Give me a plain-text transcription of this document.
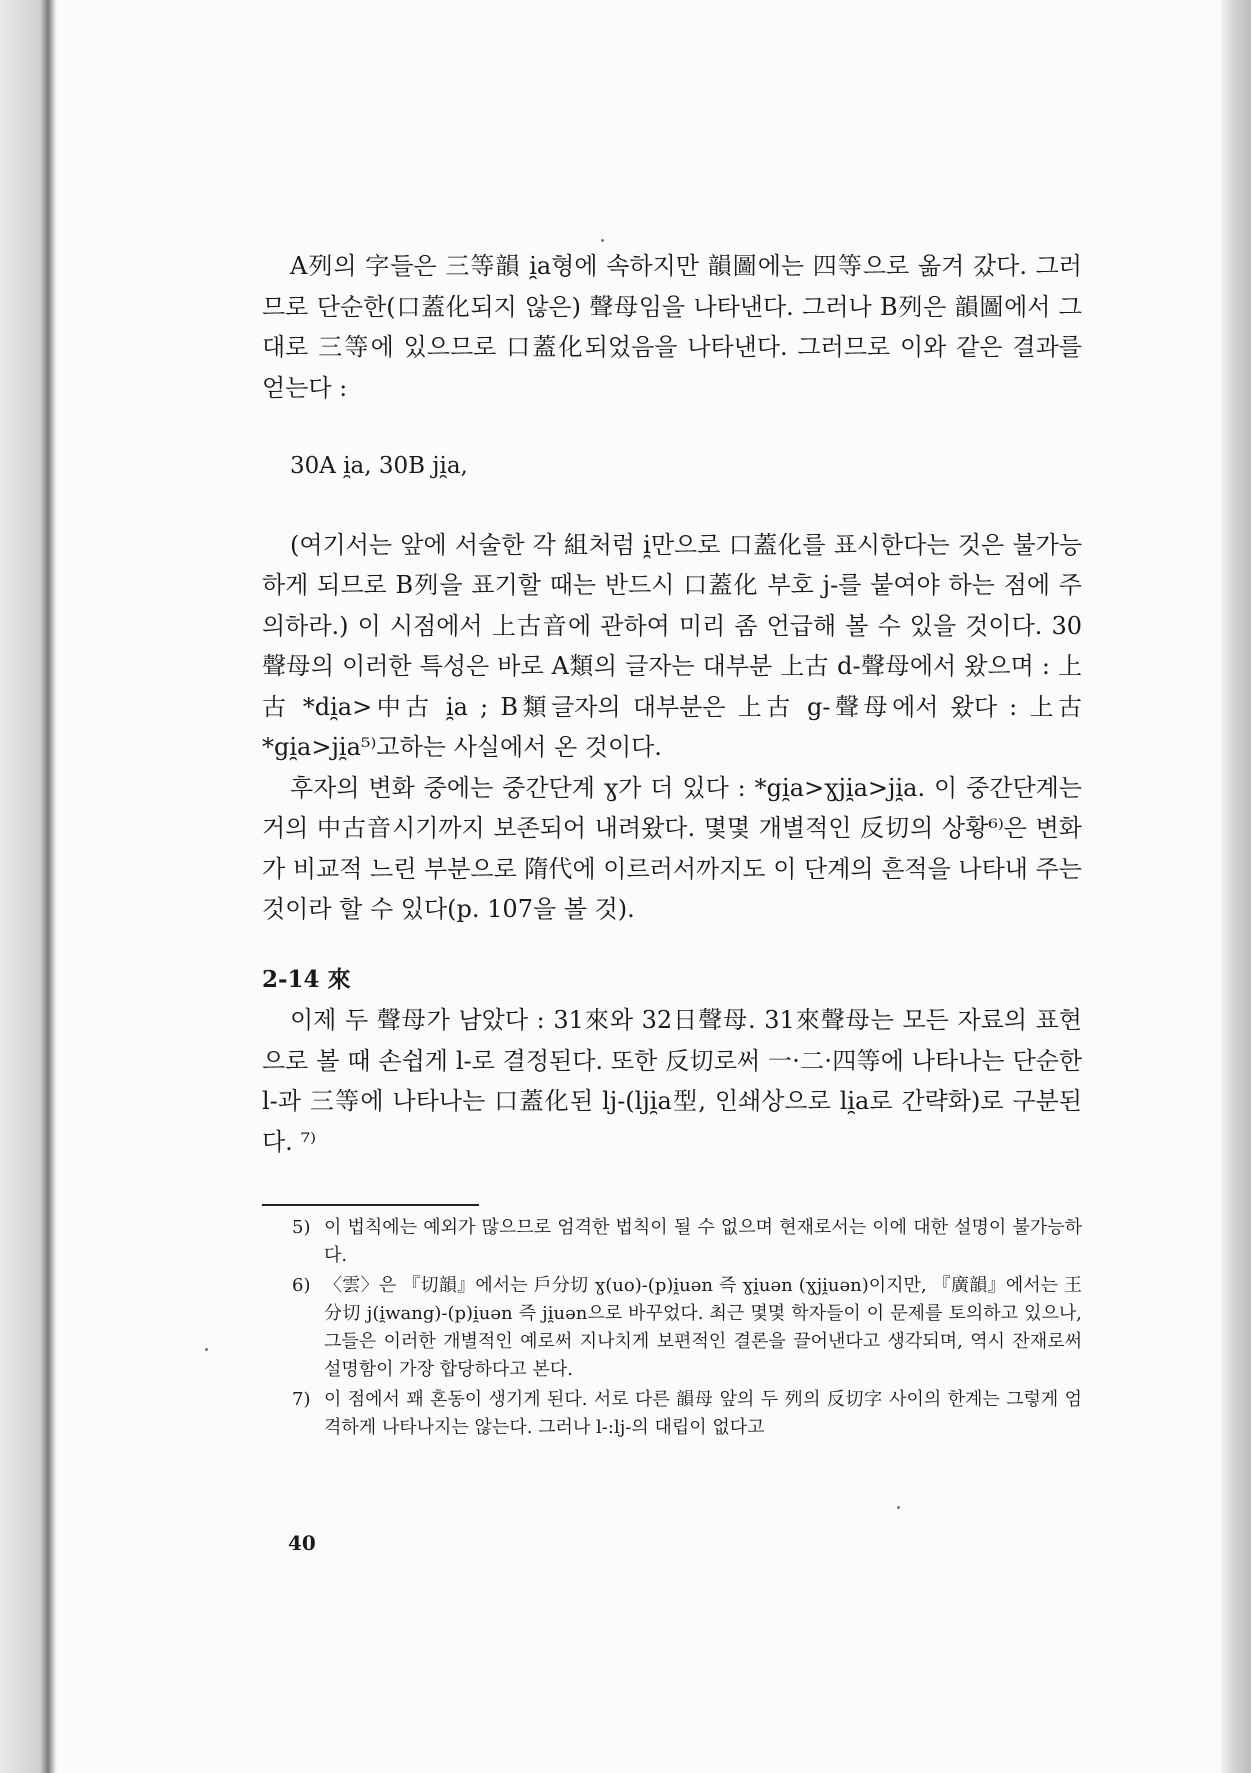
A列의 字들은 三等韻 i̯a형에 속하지만 韻圖에는 四等으로 옮겨 갔다. 그러므로 단순한(口蓋化되지 않은) 聲母임을 나타낸다. 그러나 B列은 韻圖에서 그대로 三等에 있으므로 口蓋化되었음을 나타낸다. 그러므로 이와 같은 결과를 얻는다 :

30A i̯a, 30B ji̯a,

(여기서는 앞에 서술한 각 組처럼 i̯만으로 口蓋化를 표시한다는 것은 불가능하게 되므로 B列을 표기할 때는 반드시 口蓋化 부호 j-를 붙여야 하는 점에 주의하라.) 이 시점에서 上古音에 관하여 미리 좀 언급해 볼 수 있을 것이다. 30聲母의 이러한 특성은 바로 A類의 글자는 대부분 上古 d-聲母에서 왔으며 : 上古 *di̯a>中古 i̯a ; B類글자의 대부분은 上古 g-聲母에서 왔다 : 上古 *gi̯a>ji̯a⁵⁾고하는 사실에서 온 것이다.

후자의 변화 중에는 중간단계 ɣ가 더 있다 : *gi̯a>ɣji̯a>ji̯a. 이 중간단계는 거의 中古音시기까지 보존되어 내려왔다. 몇몇 개별적인 反切의 상황⁶⁾은 변화가 비교적 느린 부분으로 隋代에 이르러서까지도 이 단계의 흔적을 나타내 주는 것이라 할 수 있다(p. 107을 볼 것).

2-14 來

이제 두 聲母가 남았다 : 31來와 32日聲母. 31來聲母는 모든 자료의 표현으로 볼 때 손쉽게 l-로 결정된다. 또한 反切로써 一·二·四等에 나타나는 단순한 l-과 三等에 나타나는 口蓋化된 lj-(lji̯a型, 인쇄상으로 li̯a로 간략화)로 구분된다. ⁷⁾

5) 이 법칙에는 예외가 많으므로 엄격한 법칙이 될 수 없으며 현재로서는 이에 대한 설명이 불가능하다.
6) 〈雲〉은 『切韻』에서는 戶分切 ɣ(uo)-(p)i̯uən 즉 ɣi̯uən (ɣji̯uən)이지만, 『廣韻』에서는 王分切 j(i̯wang)-(p)i̯uən 즉 ji̯uən으로 바꾸었다. 최근 몇몇 학자들이 이 문제를 토의하고 있으나, 그들은 이러한 개별적인 예로써 지나치게 보편적인 결론을 끌어낸다고 생각되며, 역시 잔재로써 설명함이 가장 합당하다고 본다.
7) 이 점에서 꽤 혼동이 생기게 된다. 서로 다른 韻母 앞의 두 列의 反切字 사이의 한계는 그렇게 엄격하게 나타나지는 않는다. 그러나 l-:lj-의 대립이 없다고
40
